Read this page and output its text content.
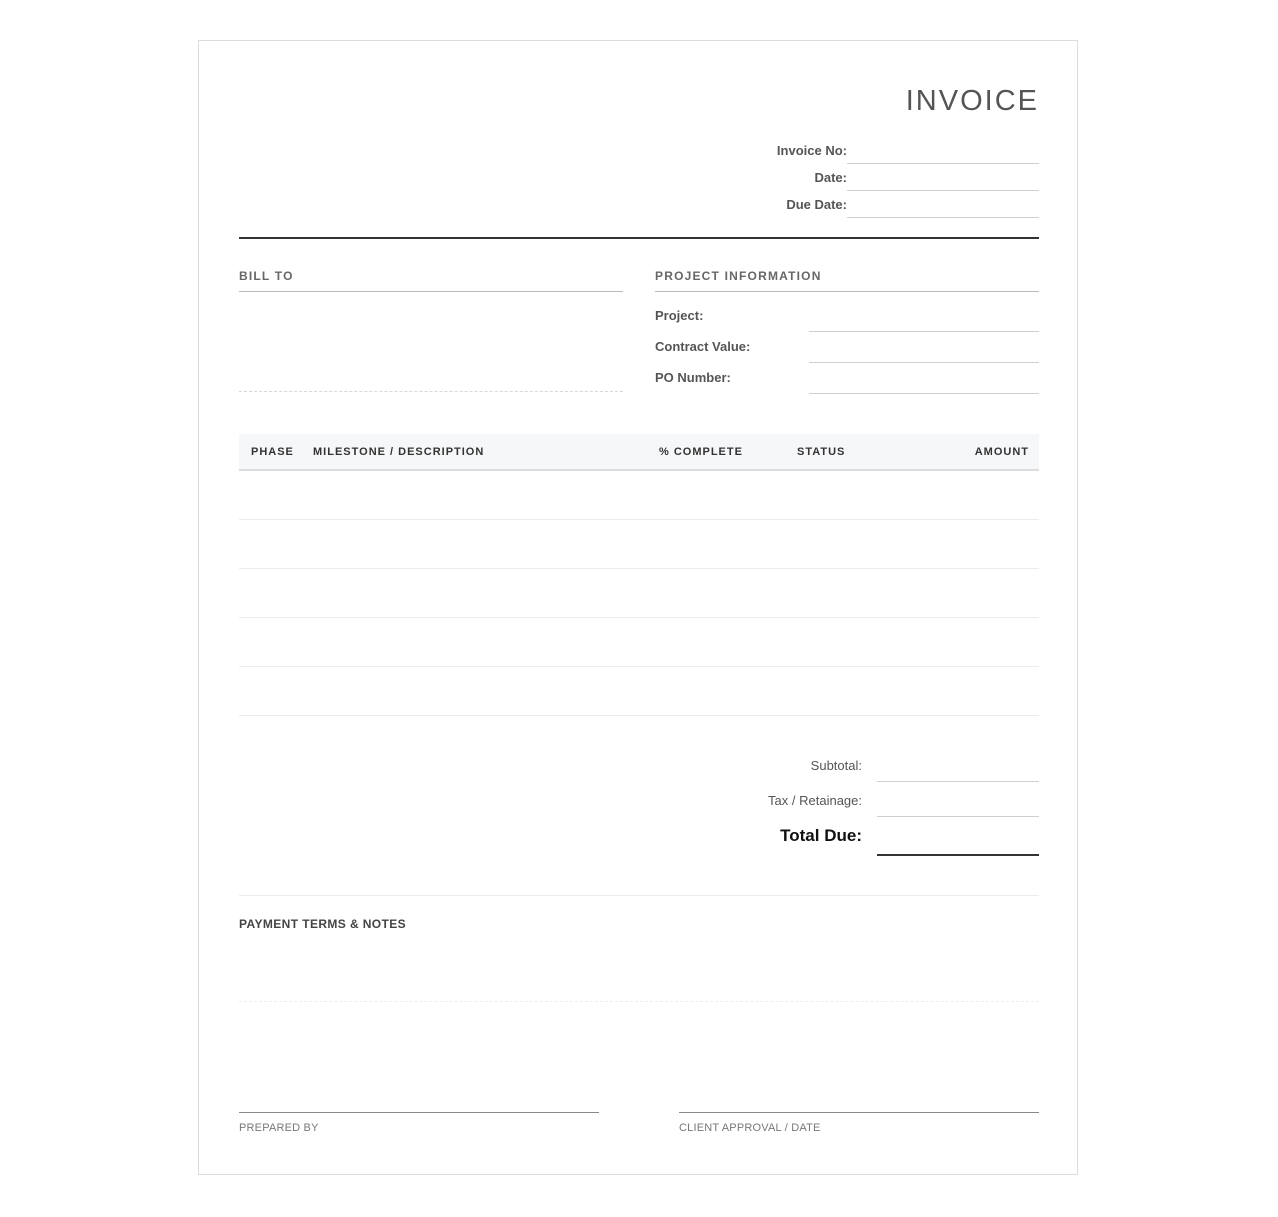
INVOICE
Invoice No:
Date:
Due Date:
BILL TO	PROJECT INFORMATION
Project:
Contract Value:
PO Number:
PHASE	MILESTONE / DESCRIPTION	% COMPLETE	STATUS	AMOUNT
Subtotal:
Tax / Retainage:
Total Due:
PAYMENT TERMS & NOTES
PREPARED BY	CLIENT APPROVAL / DATE
